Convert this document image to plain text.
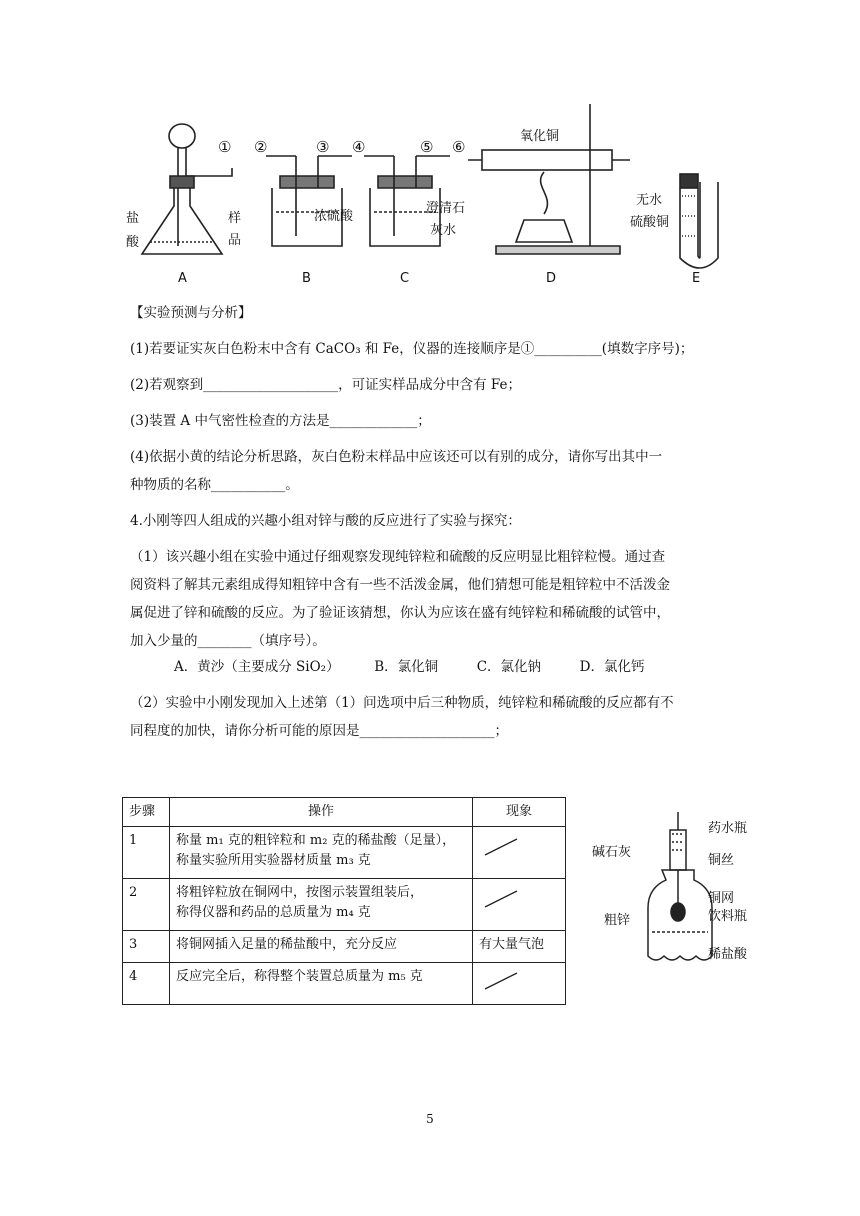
① ②	③ ④	⑤ ⑥
氧化铜
盐
酸
样
品
浓硫酸
澄清石
灰水
无水
硫酸铜
A	B	C	D	E
【实验预测与分析】
(1)若要证实灰白色粉末中含有 CaCO₃ 和 Fe，仪器的连接顺序是①__________(填数字序号)；
(2)若观察到____________________，可证实样品成分中含有 Fe；
(3)装置 A 中气密性检查的方法是_____________；
(4)依据小黄的结论分析思路，灰白色粉末样品中应该还可以有别的成分，请你写出其中一
种物质的名称___________。
4.小刚等四人组成的兴趣小组对锌与酸的反应进行了实验与探究：
（1）该兴趣小组在实验中通过仔细观察发现纯锌粒和硫酸的反应明显比粗锌粒慢。通过查
阅资料了解其元素组成得知粗锌中含有一些不活泼金属，他们猜想可能是粗锌粒中不活泼金
属促进了锌和硫酸的反应。为了验证该猜想，你认为应该在盛有纯锌粒和稀硫酸的试管中，
加入少量的________（填序号）。
A．黄沙（主要成分 SiO₂）	B．氯化铜	C．氯化钠	D．氯化钙
（2）实验中小刚发现加入上述第（1）问选项中后三种物质，纯锌粒和稀硫酸的反应都有不
同程度的加快，请你分析可能的原因是____________________；
步骤	操作	现象
1	称量 m₁ 克的粗锌粒和 m₂ 克的稀盐酸（足量），
称量实验所用实验器材质量 m₃ 克

2	将粗锌粒放在铜网中，按图示装置组装后，
称得仪器和药品的总质量为 m₄ 克

3	将铜网插入足量的稀盐酸中，充分反应	有大量气泡
4	反应完全后，称得整个装置总质量为 m₅ 克

药水瓶
碱石灰
铜丝
铜网
粗锌	饮料瓶
稀盐酸
5
